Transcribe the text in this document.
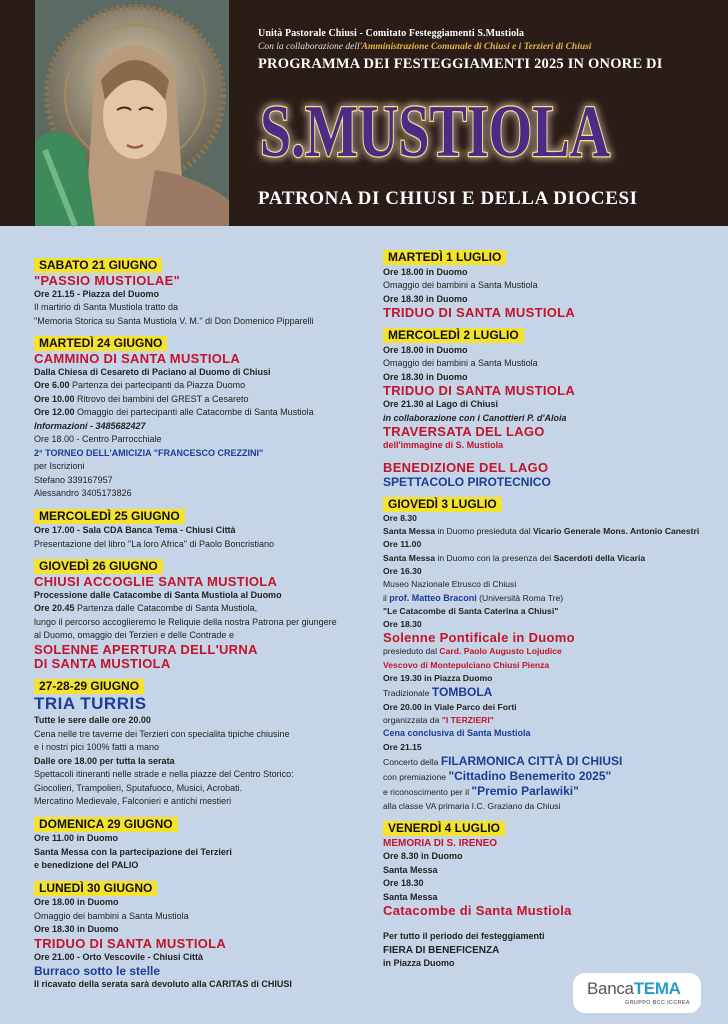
Unità Pastorale Chiusi - Comitato Festeggiamenti S.Mustiola
Con la collaborazione dell'Amministrazione Comunale di Chiusi e i Terzieri di Chiusi
PROGRAMMA DEI FESTEGGIAMENTI 2025 IN ONORE DI
S.MUSTIOLA
PATRONA DI CHIUSI E DELLA DIOCESI
SABATO 21 GIUGNO
"PASSIO MUSTIOLAE"
Ore 21.15 - Piazza del Duomo
Il martirio di Santa Mustiola tratto da
"Memoria Storica su Santa Mustiola V. M." di Don Domenico Pipparelli
MARTEDÌ 24 GIUGNO
CAMMINO DI SANTA MUSTIOLA
Dalla Chiesa di Cesareto di Paciano al Duomo di Chiusi
Ore 6.00 Partenza dei partecipanti da Piazza Duomo
Ore 10.00 Ritrovo dei bambini del GREST a Cesareto
Ore 12.00 Omaggio dei partecipanti alle Catacombe di Santa Mustiola
Informazioni - 3485682427
Ore 18.00 - Centro Parrocchiale
2° TORNEO DELL'AMICIZIA "FRANCESCO CREZZINI"
per Iscrizioni
Stefano 339167957
Alessandro 3405173826
MERCOLEDÌ 25 GIUGNO
Ore 17.00 - Sala CDA Banca Tema - Chiusi Città
Presentazione del libro "La loro Africa" di Paolo Boncristiano
GIOVEDÌ 26 GIUGNO
CHIUSI ACCOGLIE SANTA MUSTIOLA
Processione dalle Catacombe di Santa Mustiola al Duomo
Ore 20.45 Partenza dalle Catacombe di Santa Mustiola,
lungo il percorso accoglieremo le Reliquie della nostra Patrona per giungere
al Duomo, omaggio dei Terzieri e delle Contrade e
SOLENNE APERTURA DELL'URNA
DI SANTA MUSTIOLA
27-28-29 GIUGNO
TRIA TURRIS
Tutte le sere dalle ore 20.00
Cena nelle tre taverne dei Terzieri con specialita tipiche chiusine
e i nostri pici 100% fatti a mano
Dalle ore 18.00 per tutta la serata
Spettacoli itineranti nelle strade e nella piazze del Centro Storico:
Giocolieri, Trampolieri, Sputafuoco, Musici, Acrobati.
Mercatino Medievale, Falconieri e antichi mestieri
DOMENICA 29 GIUGNO
Ore 11.00 in Duomo
Santa Messa con la partecipazione dei Terzieri
e benedizione del PALIO
LUNEDÌ 30 GIUGNO
Ore 18.00 in Duomo
Omaggio dei bambini a Santa Mustiola
Ore 18.30 in Duomo
TRIDUO DI SANTA MUSTIOLA
Ore 21.00 - Orto Vescovile - Chiusi Città
Burraco sotto le stelle
Il ricavato della serata sarà devoluto alla CARITAS di CHIUSI
MARTEDÌ 1 LUGLIO
Ore 18.00 in Duomo
Omaggio dei bambini a Santa Mustiola
Ore 18.30 in Duomo
TRIDUO DI SANTA MUSTIOLA
MERCOLEDÌ 2 LUGLIO
Ore 18.00 in Duomo
Omaggio dei bambini a Santa Mustiola
Ore 18.30 in Duomo
TRIDUO DI SANTA MUSTIOLA
Ore 21.30 al Lago di Chiusi
in collaborazione con i Canottieri P. d'Aloia
TRAVERSATA DEL LAGO
dell'immagine di S. Mustiola
BENEDIZIONE DEL LAGO
SPETTACOLO PIROTECNICO
GIOVEDÌ 3 LUGLIO
Ore 8.30
Santa Messa in Duomo presieduta dal Vicario Generale Mons. Antonio Canestri
Ore 11.00
Santa Messa in Duomo con la presenza dei Sacerdoti della Vicaria
Ore 16.30
Museo Nazionale Etrusco di Chiusi
il prof. Matteo Braconi (Università Roma Tre)
"Le Catacombe di Santa Caterina a Chiusi"
Ore 18.30
Solenne Pontificale in Duomo
presieduto dal Card. Paolo Augusto Lojudice
Vescovo di Montepulciano Chiusi Pienza
Ore 19.30 in Piazza Duomo
Tradizionale TOMBOLA
Ore 20.00 in Viale Parco dei Forti
organizzata da "I TERZIERI"
Cena conclusiva di Santa Mustiola
Ore 21.15
Concerto della FILARMONICA CITTÀ DI CHIUSI
con premiazione "Cittadino Benemerito 2025"
e riconoscimento per il "Premio Parlawiki"
alla classe VA primaria I.C. Graziano da Chiusi
VENERDÌ 4 LUGLIO
MEMORIA DI S. IRENEO
Ore 8.30 in Duomo
Santa Messa
Ore 18.30
Santa Messa
Catacombe di Santa Mustiola
Per tutto il periodo dei festeggiamenti
FIERA DI BENEFICENZA
in Piazza Duomo
BancaTEMA
GRUPPO BCC ICCREA
